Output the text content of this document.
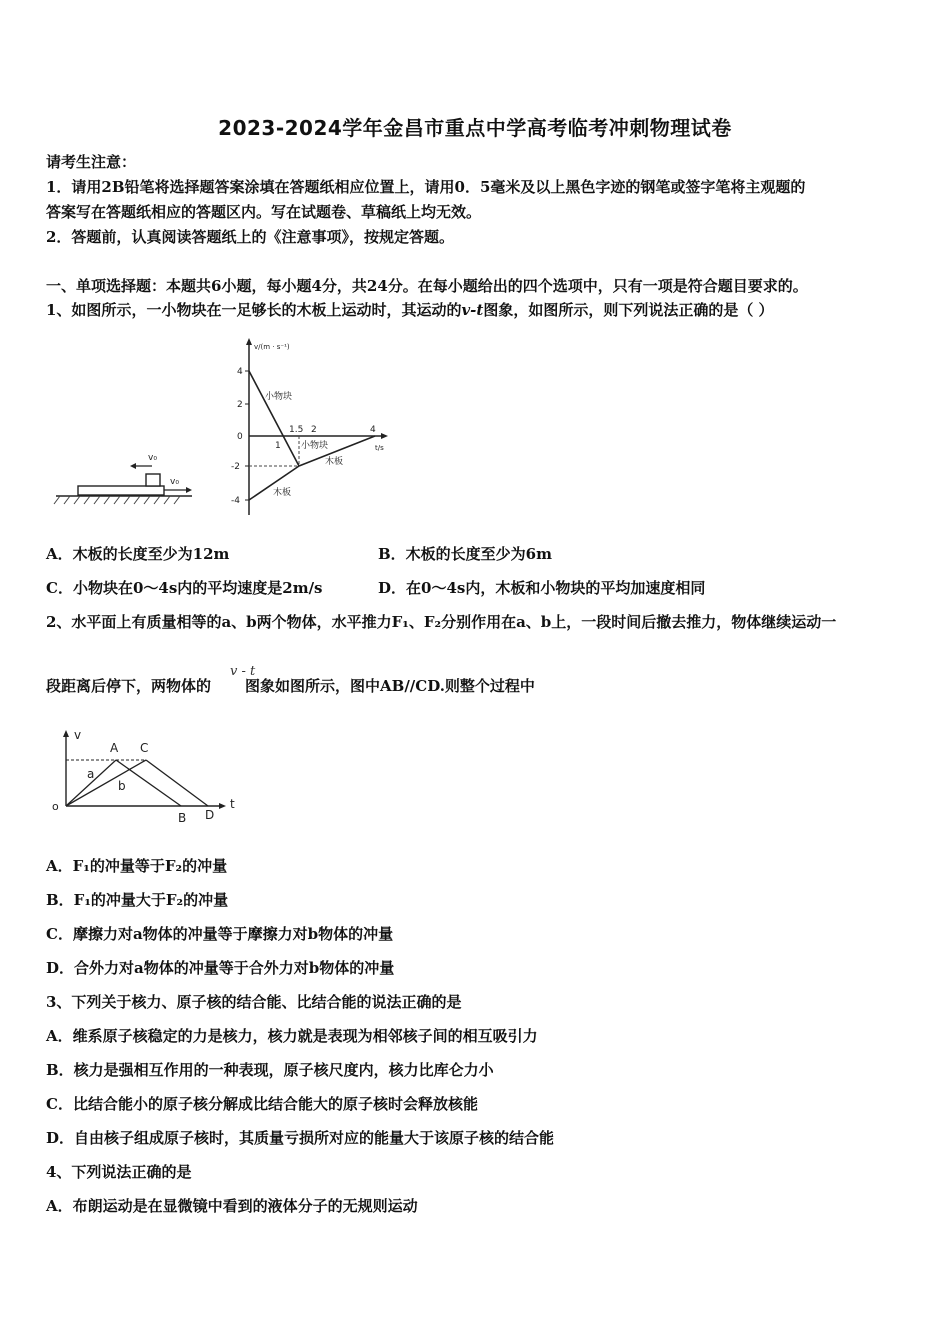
2023-2024学年金昌市重点中学高考临考冲刺物理试卷
请考生注意：
1．请用2B铅笔将选择题答案涂填在答题纸相应位置上，请用0．5毫米及以上黑色字迹的钢笔或签字笔将主观题的
答案写在答题纸相应的答题区内。写在试题卷、草稿纸上均无效。
2．答题前，认真阅读答题纸上的《注意事项》，按规定答题。
一、单项选择题：本题共6小题，每小题4分，共24分。在每小题给出的四个选项中，只有一项是符合题目要求的。
1、如图所示，一小物块在一足够长的木板上运动时，其运动的v-t图象，如图所示，则下列说法正确的是（ ）
v₀
v₀
v/(m · s⁻¹)
t/s
4
2
0
-2
-4
1
1.5 2	4
小物块
小物块
木板
木板
A．木板的长度至少为12m	B．木板的长度至少为6m
C．小物块在0～4s内的平均速度是2m/s	D．在0～4s内，木板和小物块的平均加速度相同
2、水平面上有质量相等的a、b两个物体，水平推力F₁、F₂分别作用在a、b上，一段时间后撤去推力，物体继续运动一
v - t
段距离后停下，两物体的 图象如图所示，图中AB//CD.则整个过程中
v
t
o
A C
B D
a
b
A．F₁的冲量等于F₂的冲量
B．F₁的冲量大于F₂的冲量
C．摩擦力对a物体的冲量等于摩擦力对b物体的冲量
D．合外力对a物体的冲量等于合外力对b物体的冲量
3、下列关于核力、原子核的结合能、比结合能的说法正确的是
A．维系原子核稳定的力是核力，核力就是表现为相邻核子间的相互吸引力
B．核力是强相互作用的一种表现，原子核尺度内，核力比库仑力小
C．比结合能小的原子核分解成比结合能大的原子核时会释放核能
D．自由核子组成原子核时，其质量亏损所对应的能量大于该原子核的结合能
4、下列说法正确的是
A．布朗运动是在显微镜中看到的液体分子的无规则运动
